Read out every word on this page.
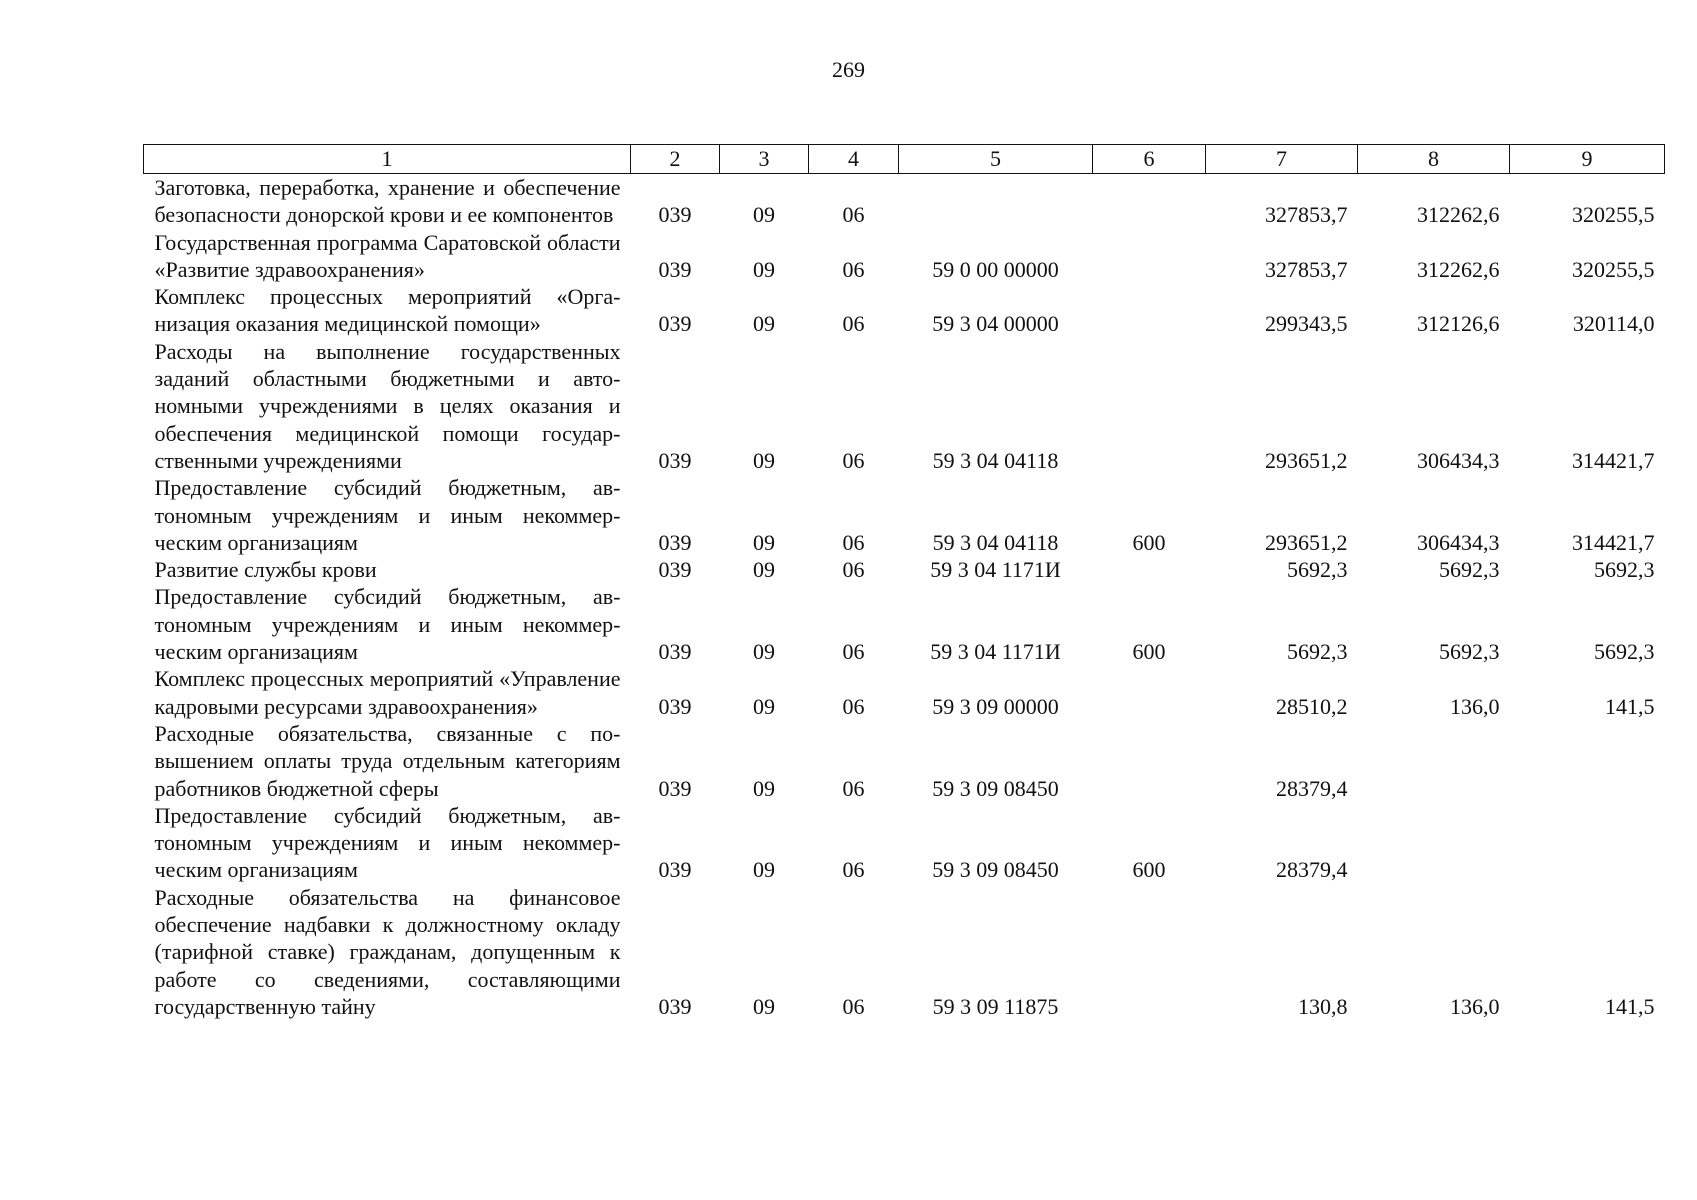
269
1	2	3	4	5	6	7	8	9
Заготовка, переработка, хранение и обеспечение безопасности донорской крови и ее компонентов	039	09	06			327853,7	312262,6	320255,5
Государственная программа Саратовской области «Развитие здравоохранения»	039	09	06	59 0 00 00000		327853,7	312262,6	320255,5
Комплекс процессных мероприятий «Организация оказания медицинской помощи»	039	09	06	59 3 04 00000		299343,5	312126,6	320114,0
Расходы на выполнение государственных заданий областными бюджетными и автономными учреждениями в целях оказания и обеспечения медицинской помощи государственными учреждениями	039	09	06	59 3 04 04118		293651,2	306434,3	314421,7
Предоставление субсидий бюджетным, автономным учреждениям и иным некоммерческим организациям	039	09	06	59 3 04 04118	600	293651,2	306434,3	314421,7
Развитие службы крови	039	09	06	59 3 04 1171И		5692,3	5692,3	5692,3
Предоставление субсидий бюджетным, автономным учреждениям и иным некоммерческим организациям	039	09	06	59 3 04 1171И	600	5692,3	5692,3	5692,3
Комплекс процессных мероприятий «Управление кадровыми ресурсами здравоохранения»	039	09	06	59 3 09 00000		28510,2	136,0	141,5
Расходные обязательства, связанные с повышением оплаты труда отдельным категориям работников бюджетной сферы	039	09	06	59 3 09 08450		28379,4		
Предоставление субсидий бюджетным, автономным учреждениям и иным некоммерческим организациям	039	09	06	59 3 09 08450	600	28379,4		
Расходные обязательства на финансовое обеспечение надбавки к должностному окладу (тарифной ставке) гражданам, допущенным к работе со сведениями, составляющими государственную тайну	039	09	06	59 3 09 11875		130,8	136,0	141,5
